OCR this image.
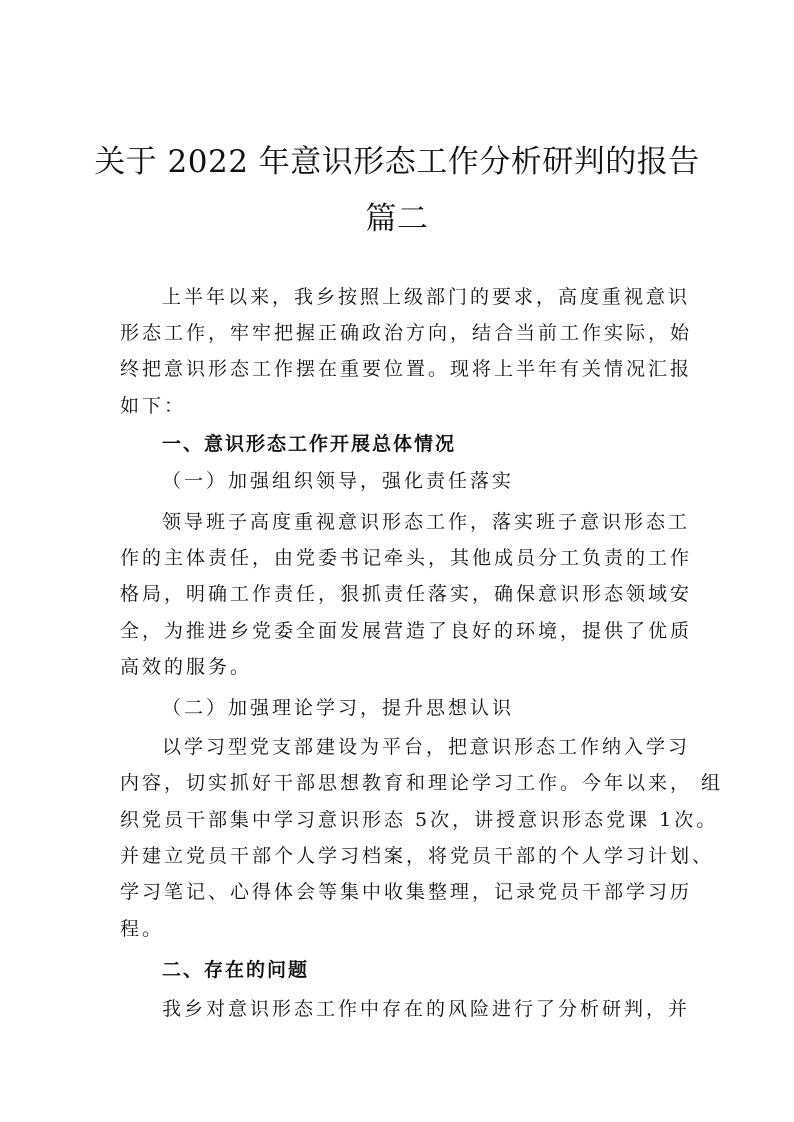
关于 2022 年意识形态工作分析研判的报告
篇二
上半年以来，我乡按照上级部门的要求，高度重视意识
形态工作，牢牢把握正确政治方向，结合当前工作实际，始
终把意识形态工作摆在重要位置。现将上半年有关情况汇报
如下：
一、意识形态工作开展总体情况
（一）加强组织领导，强化责任落实
领导班子高度重视意识形态工作，落实班子意识形态工
作的主体责任，由党委书记牵头，其他成员分工负责的工作
格局，明确工作责任，狠抓责任落实，确保意识形态领域安
全，为推进乡党委全面发展营造了良好的环境，提供了优质
高效的服务。
（二）加强理论学习，提升思想认识
以学习型党支部建设为平台，把意识形态工作纳入学习
内容，切实抓好干部思想教育和理论学习工作。今年以来， 组
织党员干部集中学习意识形态 5次，讲授意识形态党课 1次。
并建立党员干部个人学习档案，将党员干部的个人学习计划、
学习笔记、心得体会等集中收集整理，记录党员干部学习历
程。
二、存在的问题
我乡对意识形态工作中存在的风险进行了分析研判，并
